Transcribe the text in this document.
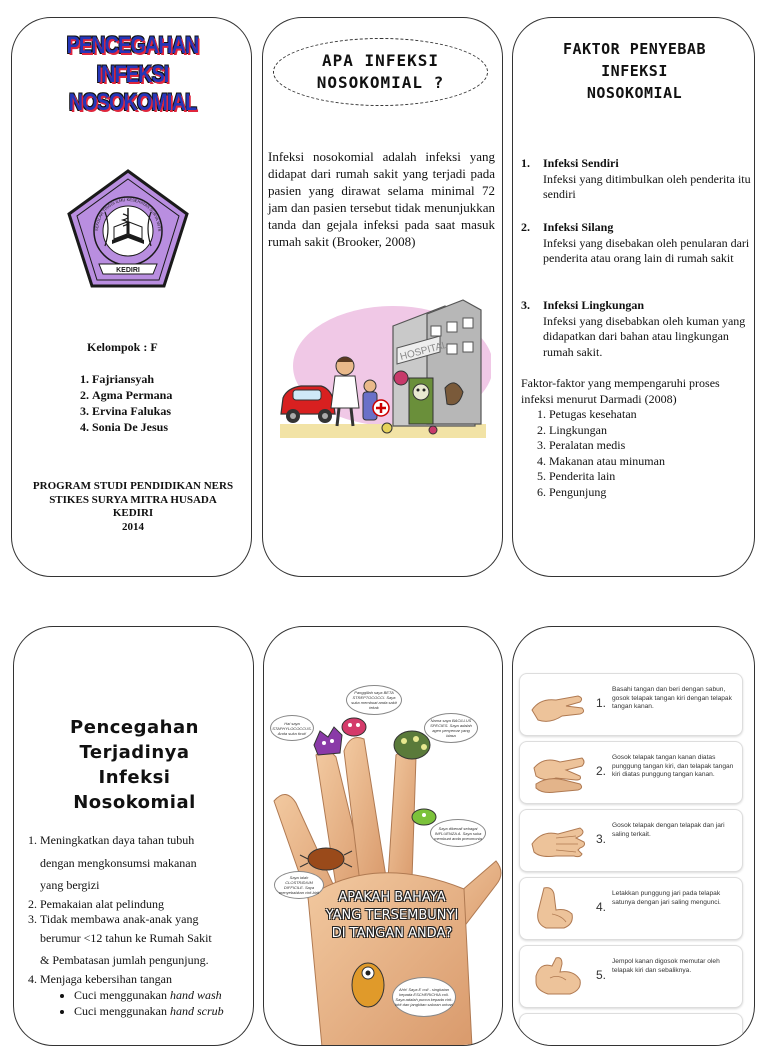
PENCEGAHAN
INFEKSI NOSOKOMIAL
KEDIRI
SEKOLAH TINGGI ILMU KESEHATAN SURYA MITR
Kelompok : F
1. Fajriansyah
2. Agma Permana
3. Ervina Falukas
4. Sonia De Jesus
PROGRAM STUDI PENDIDIKAN NERS
STIKES SURYA MITRA HUSADA
KEDIRI
2014
APA INFEKSI
NOSOKOMIAL ?
Infeksi nosokomial adalah infeksi yang didapat dari rumah sakit yang terjadi pada pasien yang dirawat selama minimal 72 jam dan pasien tersebut tidak menunjukkan tanda dan gejala infeksi pada saat masuk rumah sakit (Brooker, 2008)
HOSPITAL
FAKTOR PENYEBAB
INFEKSI
NOSOKOMIAL
1. Infeksi Sendiri
Infeksi yang ditimbulkan oleh penderita itu sendiri
2. Infeksi Silang
Infeksi yang disebakan oleh penularan dari penderita atau orang lain di rumah sakit
3. Infeksi Lingkungan
Infeksi yang disebabkan oleh kuman yang didapatkan dari bahan atau lingkungan rumah sakit.
Faktor-faktor yang mempengaruhi proses infeksi menurut Darmadi (2008)
1. Petugas kesehatan
2. Lingkungan
3. Peralatan medis
4. Makanan atau minuman
5. Penderita lain
6. Pengunjung
Pencegahan
Terjadinya
Infeksi
Nosokomial
1. Meningkatkan daya tahan tubuh
dengan mengkonsumsi makanan
yang bergizi
2. Pemakaian alat pelindung
3. Tidak membawa anak-anak yang
berumur <12 tahun ke Rumah Sakit
& Pembatasan jumlah pengunjung.
4. Menjaga kebersihan tangan
• Cuci menggunakan hand wash
• Cuci menggunakan hand scrub
Hai saya STAPHYLOCOCCUS. Anda suka ticut!
Panggillah saya BETA STREPTOCOCCI. Saya suka membuat anda sakit tekak
Nama saya BACILLUS SPECIES. Saya adalah agen penyemar yang biasa
Saya dikenali sebagai INFLUENZA A. Saya suka membuat anda pneumonia
Saya ialah CLOSTRIDIUM DIFFICILE. Saya menyebabkan cirit-birit
Ahh! Saya E coli - singkatan kepada ESCHERICHIA coli. Saya adalah punca kepada cirit-birit dan jangkitan saluran urinari
APAKAH BAHAYA
YANG TERSEMBUNYI
DI TANGAN ANDA?
1.
Basahi tangan dan beri dengan sabun, gosok telapak tangan kiri dengan telapak tangan kanan.
2.
Gosok telapak tangan kanan diatas punggung tangan kiri, dan telapak tangan kiri diatas punggung tangan kanan.
3.
Gosok telapak dengan telapak dan jari saling terkait.
4.
Letakkan punggung jari pada telapak satunya dengan jari saling mengunci.
5.
Jempol kanan digosok memutar oleh telapak kiri dan sebaliknya.
